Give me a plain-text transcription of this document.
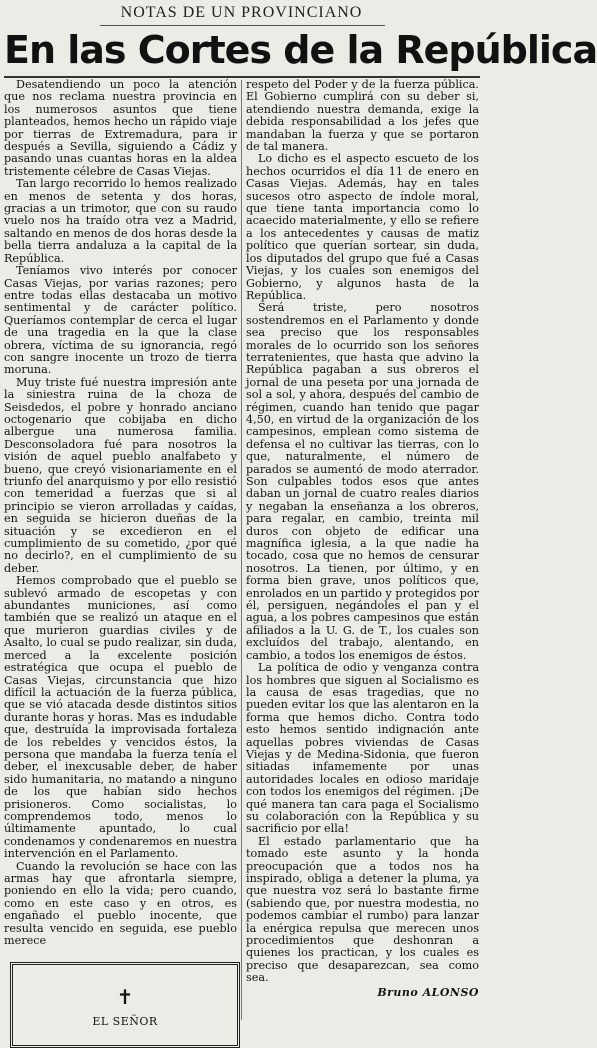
NOTAS DE UN PROVINCIANO
En las Cortes de la República

Desatendiendo un poco la atención que nos reclama nuestra provincia en los numerosos asuntos que tiene planteados, hemos hecho un rápido viaje por tierras de Extremadura, para ir después a Sevilla, siguiendo a Cádiz y pasando unas cuantas horas en la aldea tristemente célebre de Casas Viejas.

Tan largo recorrido lo hemos realizado en menos de setenta y dos horas, gracias a un trimotor, que con su raudo vuelo nos ha traído otra vez a Madrid, saltando en menos de dos horas desde la bella tierra andaluza a la capital de la República.

Teníamos vivo interés por conocer Casas Viejas, por varias razones; pero entre todas ellas destacaba un motivo sentimental y de carácter político. Queríamos contemplar de cerca el lugar de una tragedia en la que la clase obrera, víctima de su ignorancia, regó con sangre inocente un trozo de tierra moruna.

Muy triste fué nuestra impresión ante la siniestra ruina de la choza de Seisdedos, el pobre y honrado anciano octogenario que cobijaba en dicho albergue una numerosa familia. Desconsoladora fué para nosotros la visión de aquel pueblo analfabeto y bueno, que creyó visionariamente en el triunfo del anarquismo y por ello resistió con temeridad a fuerzas que si al principio se vieron arrolladas y caídas, en seguida se hicieron dueñas de la situación y se excedieron en el cumplimiento de su cometido, ¿por qué no decirlo?, en el cumplimiento de su deber.

Hemos comprobado que el pueblo se sublevó armado de escopetas y con abundantes municiones, así como también que se realizó un ataque en el que murieron guardias civiles y de Asalto, lo cual se pudo realizar, sin duda, merced a la excelente posición estratégica que ocupa el pueblo de Casas Viejas, circunstancia que hizo difícil la actuación de la fuerza pública, que se vió atacada desde distintos sitios durante horas y horas. Mas es indudable que, destruída la improvisada fortaleza de los rebeldes y vencidos éstos, la persona que mandaba la fuerza tenía el deber, el inexcusable deber, de haber sido humanitaria, no matando a ninguno de los que habían sido hechos prisioneros. Como socialistas, lo comprendemos todo, menos lo últimamente apuntado, lo cual condenamos y condenaremos en nuestra intervención en el Parlamento.

Cuando la revolución se hace con las armas hay que afrontarla siempre, poniendo en ello la vida; pero cuando, como en este caso y en otros, es engañado el pueblo inocente, que resulta vencido en seguida, ese pueblo merece

respeto del Poder y de la fuerza pública. El Gobierno cumplirá con su deber si, atendiendo nuestra demanda, exige la debida responsabilidad a los jefes que mandaban la fuerza y que se portaron de tal manera.

Lo dicho es el aspecto escueto de los hechos ocurridos el día 11 de enero en Casas Viejas. Además, hay en tales sucesos otro aspecto de índole moral, que tiene tanta importancia como lo acaecido materialmente, y ello se refiere a los antecedentes y causas de matiz político que querían sortear, sin duda, los diputados del grupo que fué a Casas Viejas, y los cuales son enemigos del Gobierno, y algunos hasta de la República.

Será triste, pero nosotros sostendremos en el Parlamento y donde sea preciso que los responsables morales de lo ocurrido son los señores terratenientes, que hasta que advino la República pagaban a sus obreros el jornal de una peseta por una jornada de sol a sol, y ahora, después del cambio de régimen, cuando han tenido que pagar 4,50, en virtud de la organización de los campesinos, emplean como sistema de defensa el no cultivar las tierras, con lo que, naturalmente, el número de parados se aumentó de modo aterrador. Son culpables todos esos que antes daban un jornal de cuatro reales diarios y negaban la enseñanza a los obreros, para regalar, en cambio, treinta mil duros con objeto de edificar una magnífica iglesia, a la que nadie ha tocado, cosa que no hemos de censurar nosotros. La tienen, por último, y en forma bien grave, unos políticos que, enrolados en un partido y protegidos por él, persiguen, negándoles el pan y el agua, a los pobres campesinos que están afiliados a la U. G. de T., los cuales son excluídos del trabajo, alentando, en cambio, a todos los enemigos de éstos.

La política de odio y venganza contra los hombres que siguen al Socialismo es la causa de esas tragedias, que no pueden evitar los que las alentaron en la forma que hemos dicho. Contra todo esto hemos sentido indignación ante aquellas pobres viviendas de Casas Viejas y de Medina-Sidonia, que fueron sitiadas infamemente por unas autoridades locales en odioso maridaje con todos los enemigos del régimen. ¡De qué manera tan cara paga el Socialismo su colaboración con la República y su sacrificio por ella!

El estado parlamentario que ha tomado este asunto y la honda preocupación que a todos nos ha inspirado, obliga a detener la pluma, ya que nuestra voz será lo bastante firme (sabiendo que, por nuestra modestia, no podemos cambiar el rumbo) para lanzar la enérgica repulsa que merecen unos procedimientos que deshonran a quienes los practican, y los cuales es preciso que desaparezcan, sea como sea.

Bruno ALONSO
✝
EL SEÑOR
